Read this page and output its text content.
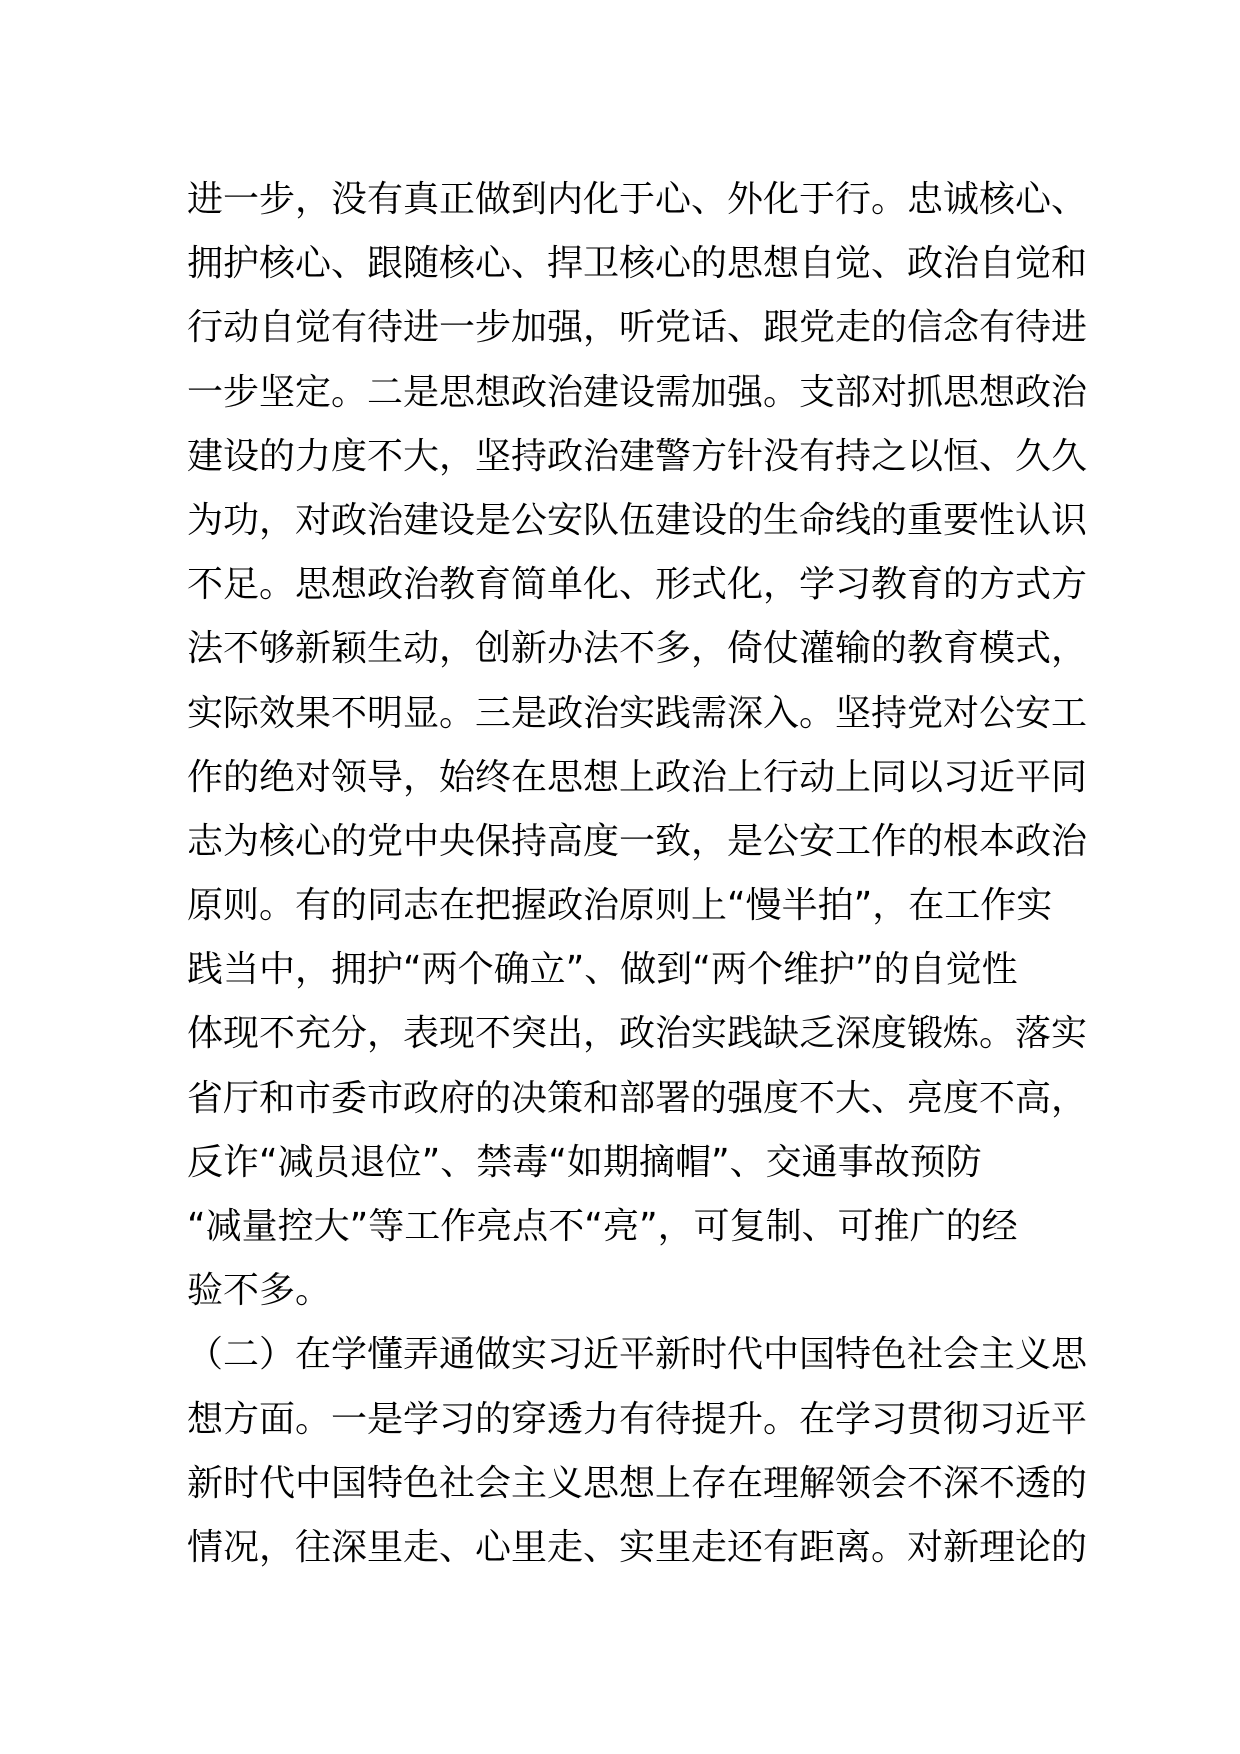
进一步，没有真正做到内化于心、外化于行。忠诚核心、
拥护核心、跟随核心、捍卫核心的思想自觉、政治自觉和
行动自觉有待进一步加强，听党话、跟党走的信念有待进
一步坚定。二是思想政治建设需加强。支部对抓思想政治
建设的力度不大，坚持政治建警方针没有持之以恒、久久
为功，对政治建设是公安队伍建设的生命线的重要性认识
不足。思想政治教育简单化、形式化，学习教育的方式方
法不够新颖生动，创新办法不多，倚仗灌输的教育模式，
实际效果不明显。三是政治实践需深入。坚持党对公安工
作的绝对领导，始终在思想上政治上行动上同以习近平同
志为核心的党中央保持高度一致，是公安工作的根本政治
原则。有的同志在把握政治原则上“慢半拍”，在工作实
践当中，拥护“两个确立”、做到“两个维护”的自觉性
体现不充分，表现不突出，政治实践缺乏深度锻炼。落实
省厅和市委市政府的决策和部署的强度不大、亮度不高，
反诈“减员退位”、禁毒“如期摘帽”、交通事故预防
“减量控大”等工作亮点不“亮”，可复制、可推广的经
验不多。
（二）在学懂弄通做实习近平新时代中国特色社会主义思
想方面。一是学习的穿透力有待提升。在学习贯彻习近平
新时代中国特色社会主义思想上存在理解领会不深不透的
情况，往深里走、心里走、实里走还有距离。对新理论的
